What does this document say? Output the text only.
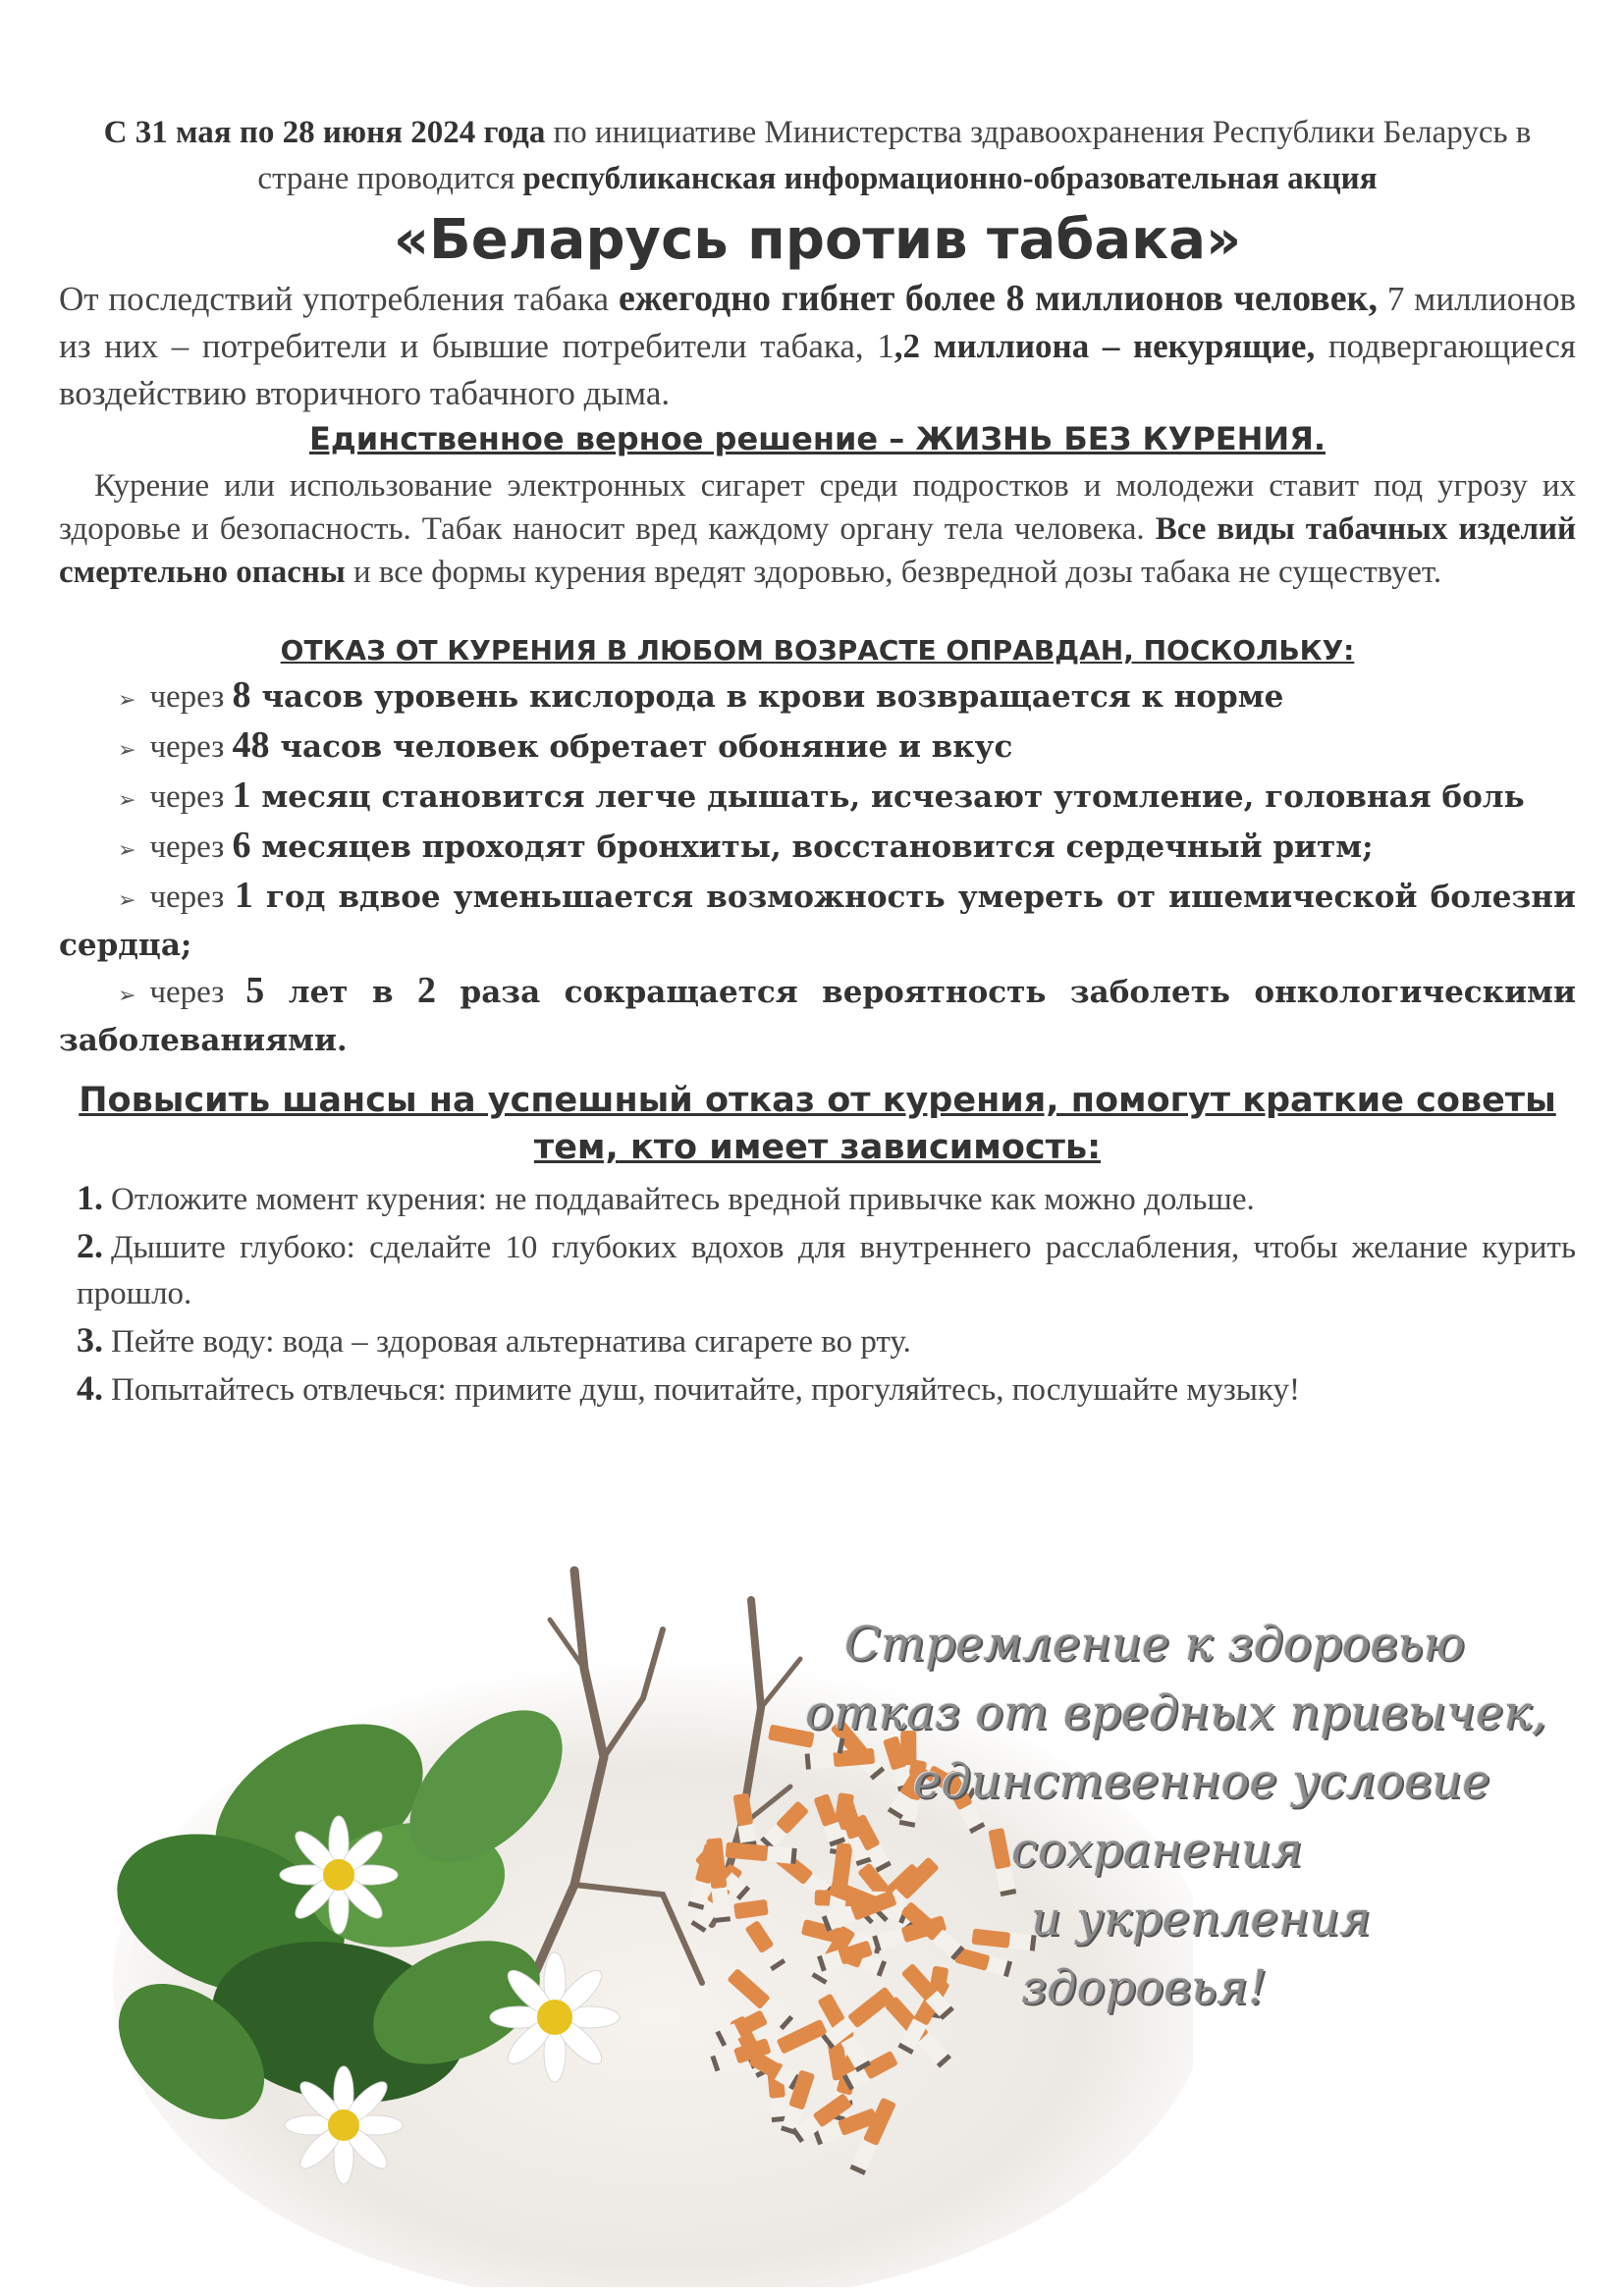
С 31 мая по 28 июня 2024 года по инициативе Министерства здравоохранения Республики Беларусь в стране проводится республиканская информационно-образовательная акция
«Беларусь против табака»
От последствий употребления табака ежегодно гибнет более 8 миллионов человек, 7 миллионов из них – потребители и бывшие потребители табака, 1,2 миллиона – некурящие, подвергающиеся воздействию вторичного табачного дыма.
Единственное верное решение – ЖИЗНЬ БЕЗ КУРЕНИЯ.
Курение или использование электронных сигарет среди подростков и молодежи ставит под угрозу их здоровье и безопасность. Табак наносит вред каждому органу тела человека. Все виды табачных изделий смертельно опасны и все формы курения вредят здоровью, безвредной дозы табака не существует.
ОТКАЗ ОТ КУРЕНИЯ В ЛЮБОМ ВОЗРАСТЕ ОПРАВДАН, ПОСКОЛЬКУ:
➢ через 8 часов уровень кислорода в крови возвращается к норме
➢ через 48 часов человек обретает обоняние и вкус
➢ через 1 месяц становится легче дышать, исчезают утомление, головная боль
➢ через 6 месяцев проходят бронхиты, восстановится сердечный ритм;
➢ через 1 год вдвое уменьшается возможность умереть от ишемической болезни сердца;
➢ через 5 лет в 2 раза сокращается вероятность заболеть онкологическими заболеваниями.
Повысить шансы на успешный отказ от курения, помогут краткие советы тем, кто имеет зависимость:
1. Отложите момент курения: не поддавайтесь вредной привычке как можно дольше.
2. Дышите глубоко: сделайте 10 глубоких вдохов для внутреннего расслабления, чтобы желание курить прошло.
3. Пейте воду: вода – здоровая альтернатива сигарете во рту.
4. Попытайтесь отвлечься: примите душ, почитайте, прогуляйтесь, послушайте музыку!
Стремление к здоровью
отказ от вредных привычек,
единственное условие
сохранения
и укрепления
здоровья!
